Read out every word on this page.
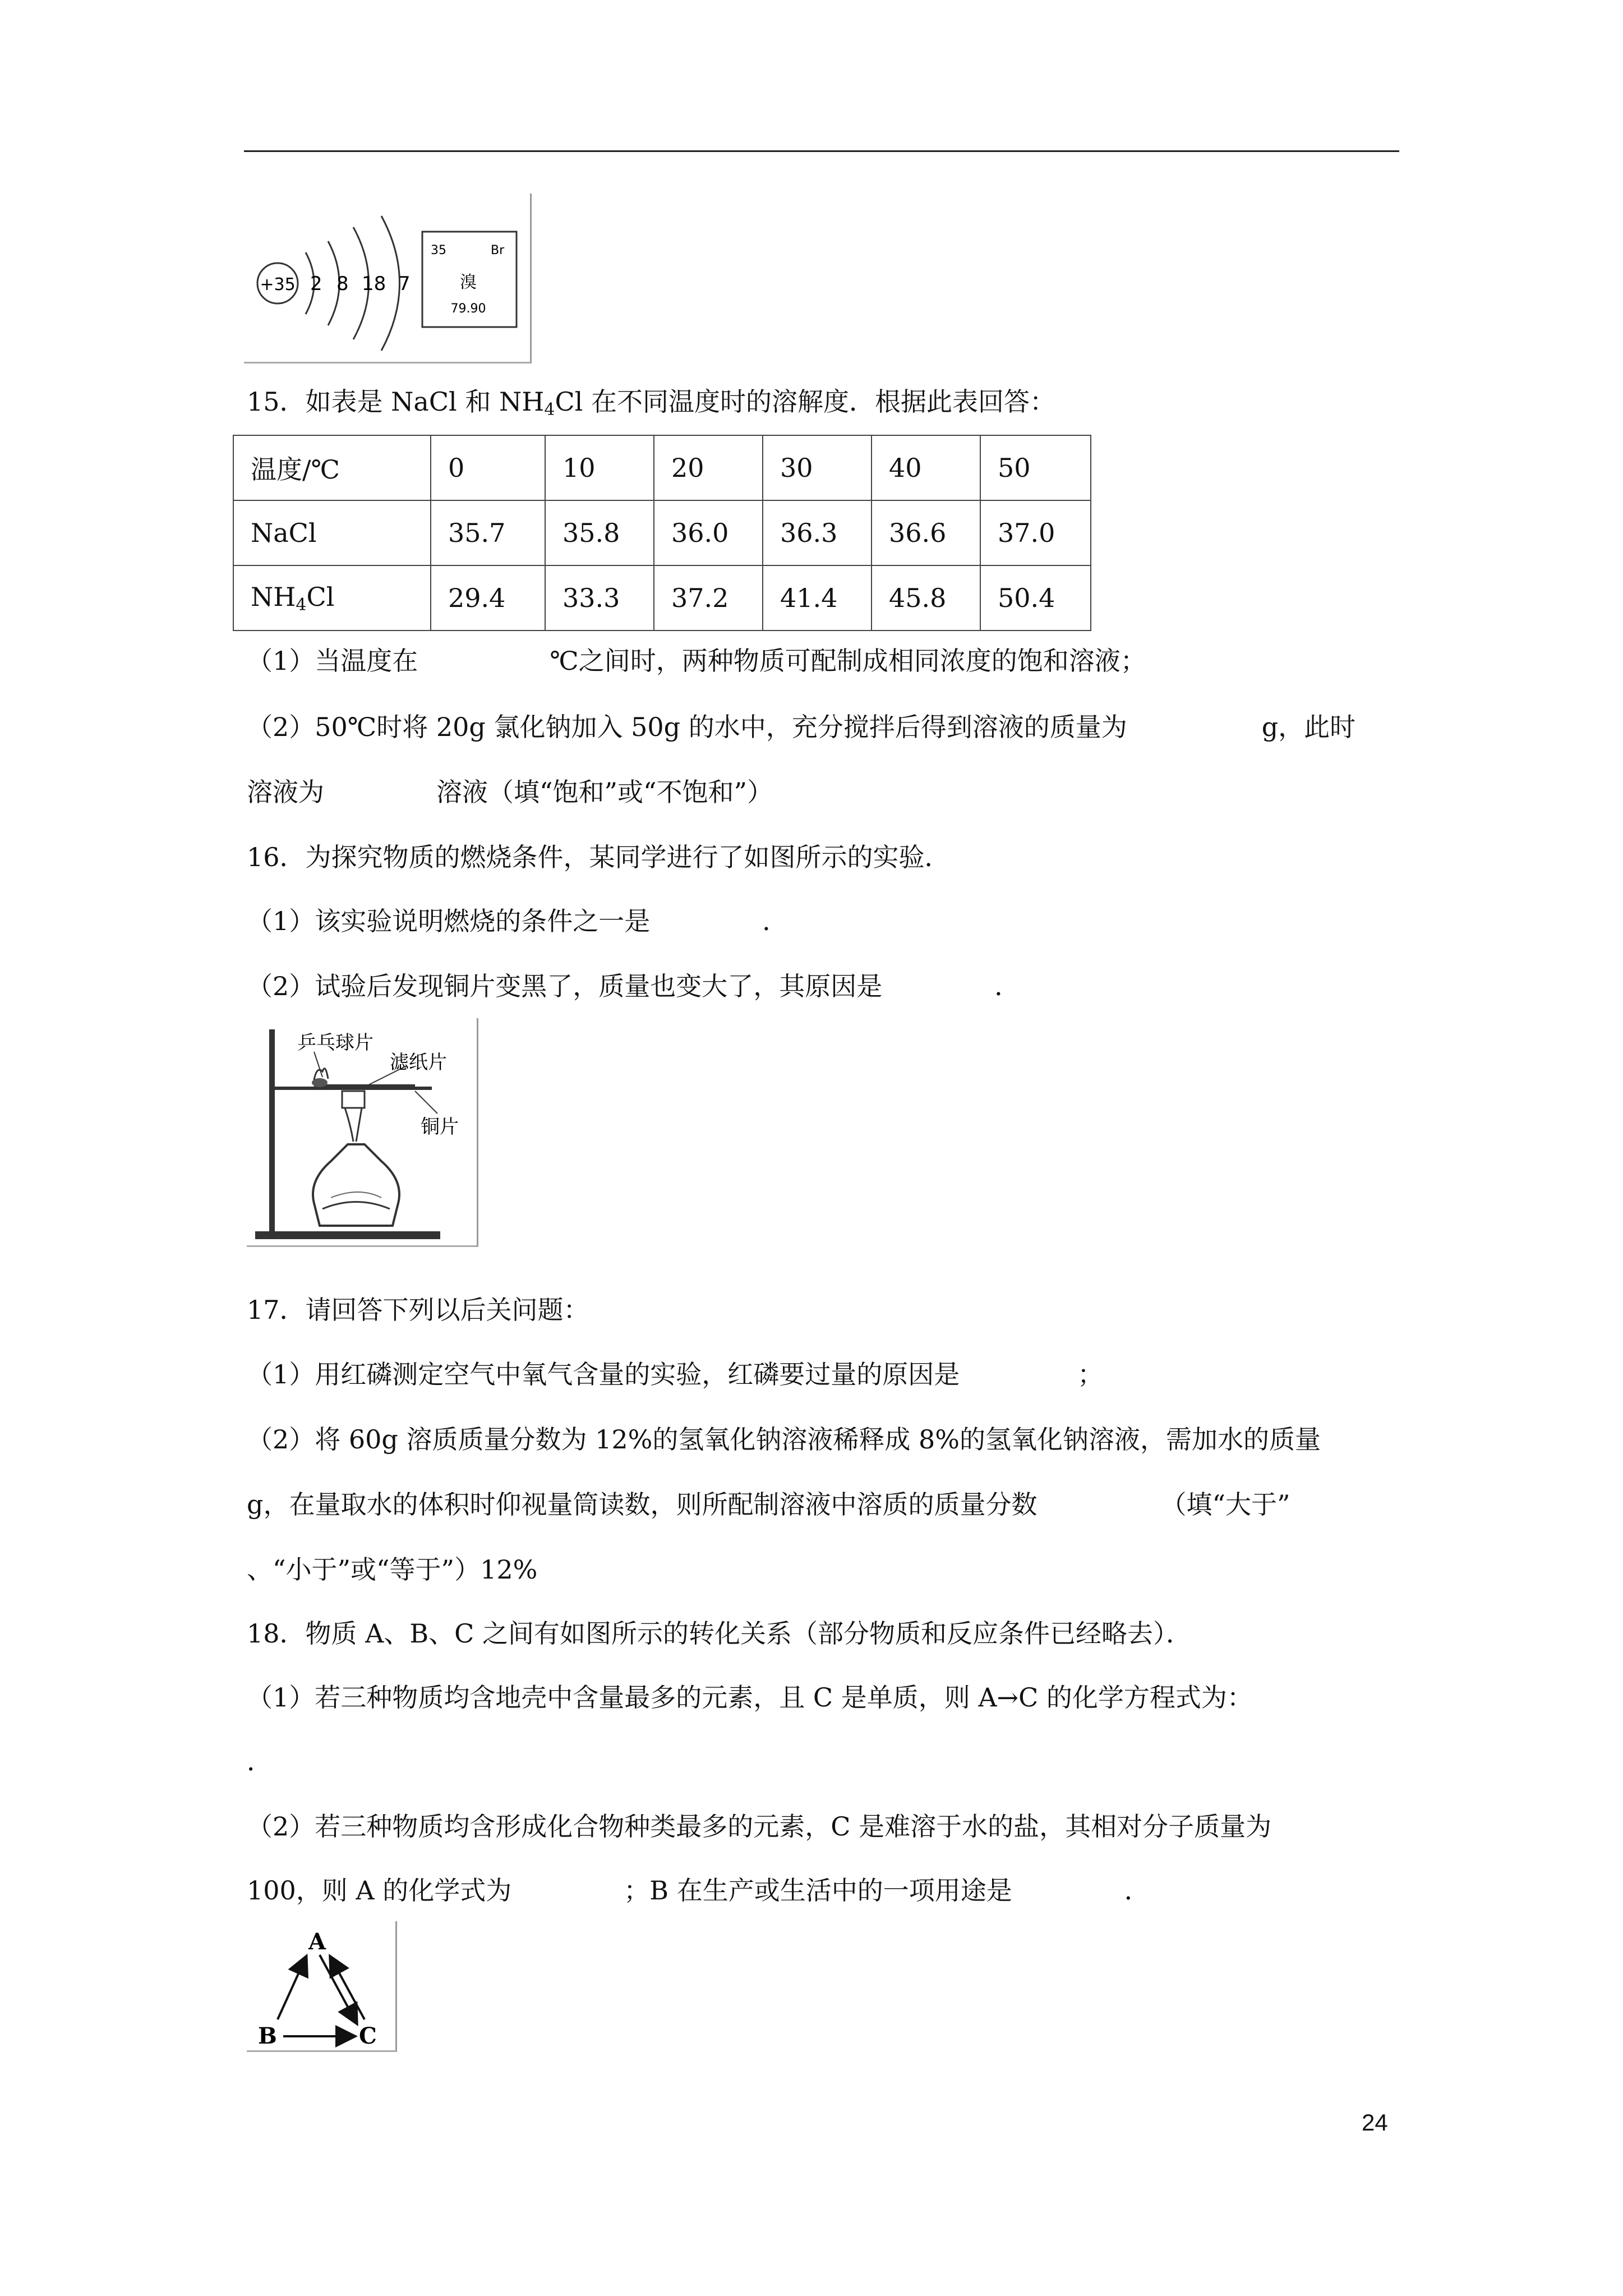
+35 2 8 18 7
35	Br
溴
79.90
15．如表是 NaCl 和 $NH_4Cl$ 在不同温度时的溶解度．根据此表回答：
温度/℃	0	10	20	30	40	50
NaCl	35.7	35.8	36.0	36.3	36.6	37.0
$NH_4Cl$	29.4	33.3	37.2	41.4	45.8	50.4
（1）当温度在	℃之间时，两种物质可配制成相同浓度的饱和溶液；
（2）50℃时将 20g 氯化钠加入 50g 的水中，充分搅拌后得到溶液的质量为	g，此时
溶液为	溶液（填“饱和”或“不饱和”）
16．为探究物质的燃烧条件，某同学进行了如图所示的实验．
（1）该实验说明燃烧的条件之一是	．
（2）试验后发现铜片变黑了，质量也变大了，其原因是	．
乒乓球片
滤纸片
铜片
17．请回答下列以后关问题：
（1）用红磷测定空气中氧气含量的实验，红磷要过量的原因是	；
（2）将 60g 溶质质量分数为 12%的氢氧化钠溶液稀释成 8%的氢氧化钠溶液，需加水的质量
g，在量取水的体积时仰视量筒读数，则所配制溶液中溶质的质量分数	（填“大于”
、“小于”或“等于”）12%
18．物质 A、B、C 之间有如图所示的转化关系（部分物质和反应条件已经略去）．
（1）若三种物质均含地壳中含量最多的元素，且 C 是单质，则 A→C 的化学方程式为：
．
（2）若三种物质均含形成化合物种类最多的元素，C 是难溶于水的盐，其相对分子质量为
100，则 A 的化学式为	；B 在生产或生活中的一项用途是	．
A
B	C
24
